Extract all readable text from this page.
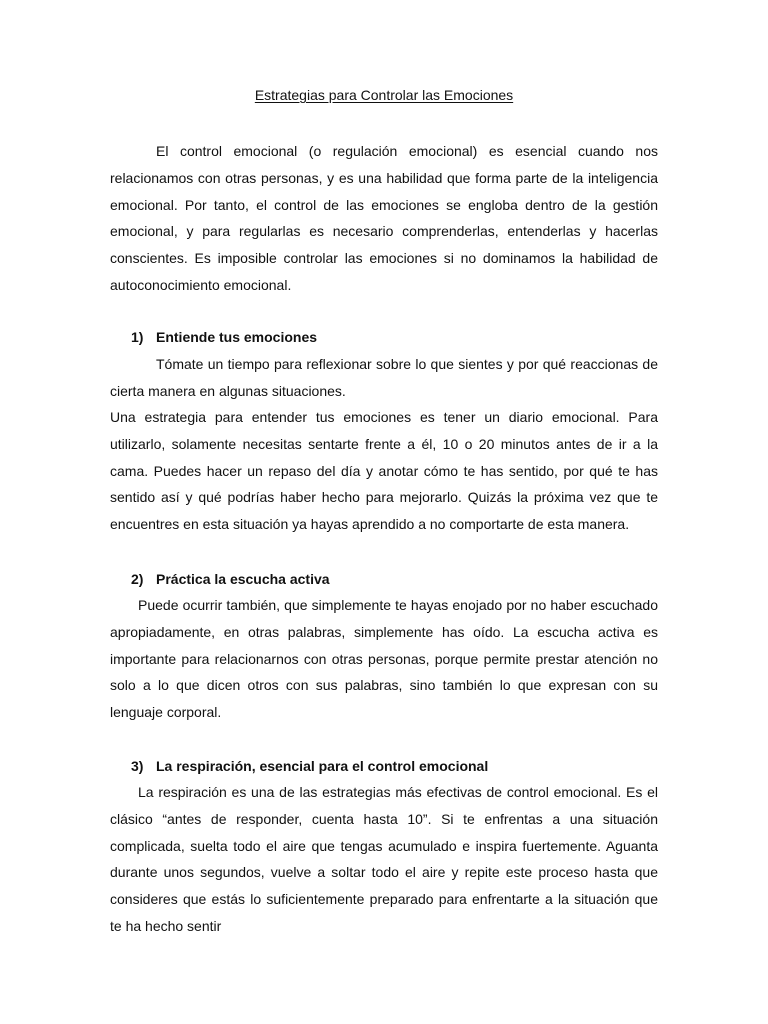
Estrategias para Controlar las Emociones

El control emocional (o regulación emocional) es esencial cuando nos relacionamos con otras personas, y es una habilidad que forma parte de la inteligencia emocional. Por tanto, el control de las emociones se engloba dentro de la gestión emocional, y para regularlas es necesario comprenderlas, entenderlas y hacerlas conscientes. Es imposible controlar las emociones si no dominamos la habilidad de autoconocimiento emocional.

1) Entiende tus emociones

Tómate un tiempo para reflexionar sobre lo que sientes y por qué reaccionas de cierta manera en algunas situaciones.

Una estrategia para entender tus emociones es tener un diario emocional. Para utilizarlo, solamente necesitas sentarte frente a él, 10 o 20 minutos antes de ir a la cama. Puedes hacer un repaso del día y anotar cómo te has sentido, por qué te has sentido así y qué podrías haber hecho para mejorarlo. Quizás la próxima vez que te encuentres en esta situación ya hayas aprendido a no comportarte de esta manera.

2) Práctica la escucha activa

Puede ocurrir también, que simplemente te hayas enojado por no haber escuchado apropiadamente, en otras palabras, simplemente has oído. La escucha activa es importante para relacionarnos con otras personas, porque permite prestar atención no solo a lo que dicen otros con sus palabras, sino también lo que expresan con su lenguaje corporal.

3) La respiración, esencial para el control emocional

La respiración es una de las estrategias más efectivas de control emocional. Es el clásico “antes de responder, cuenta hasta 10”. Si te enfrentas a una situación complicada, suelta todo el aire que tengas acumulado e inspira fuertemente. Aguanta durante unos segundos, vuelve a soltar todo el aire y repite este proceso hasta que consideres que estás lo suficientemente preparado para enfrentarte a la situación que te ha hecho sentir
